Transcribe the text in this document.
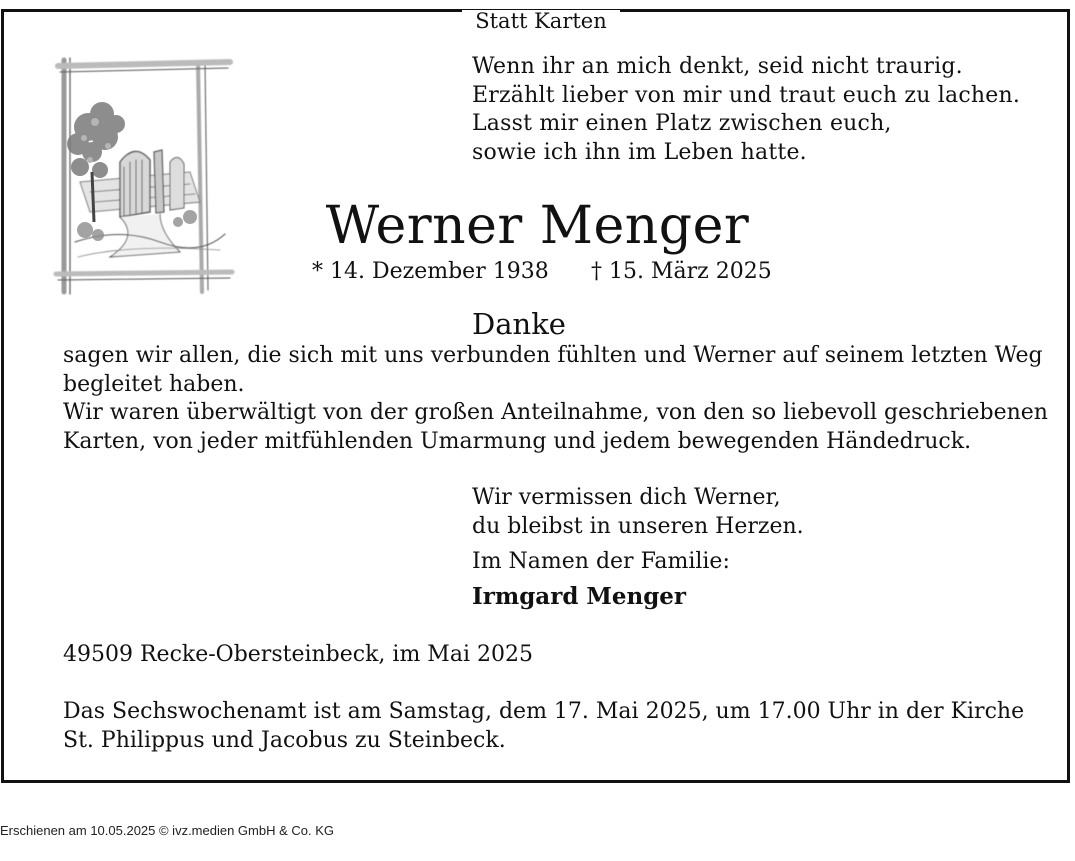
Statt Karten
Wenn ihr an mich denkt, seid nicht traurig.
Erzählt lieber von mir und traut euch zu lachen.
Lasst mir einen Platz zwischen euch,
sowie ich ihn im Leben hatte.
Werner Menger
* 14. Dezember 1938 † 15. März 2025
Danke
sagen wir allen, die sich mit uns verbunden fühlten und Werner auf seinem letzten Weg
begleitet haben.
Wir waren überwältigt von der großen Anteilnahme, von den so liebevoll geschriebenen
Karten, von jeder mitfühlenden Umarmung und jedem bewegenden Händedruck.
Wir vermissen dich Werner,
du bleibst in unseren Herzen.
Im Namen der Familie:
Irmgard Menger
49509 Recke-Obersteinbeck, im Mai 2025
Das Sechswochenamt ist am Samstag, dem 17. Mai 2025, um 17.00 Uhr in der Kirche
St. Philippus und Jacobus zu Steinbeck.
Erschienen am 10.05.2025 © ivz.medien GmbH & Co. KG
